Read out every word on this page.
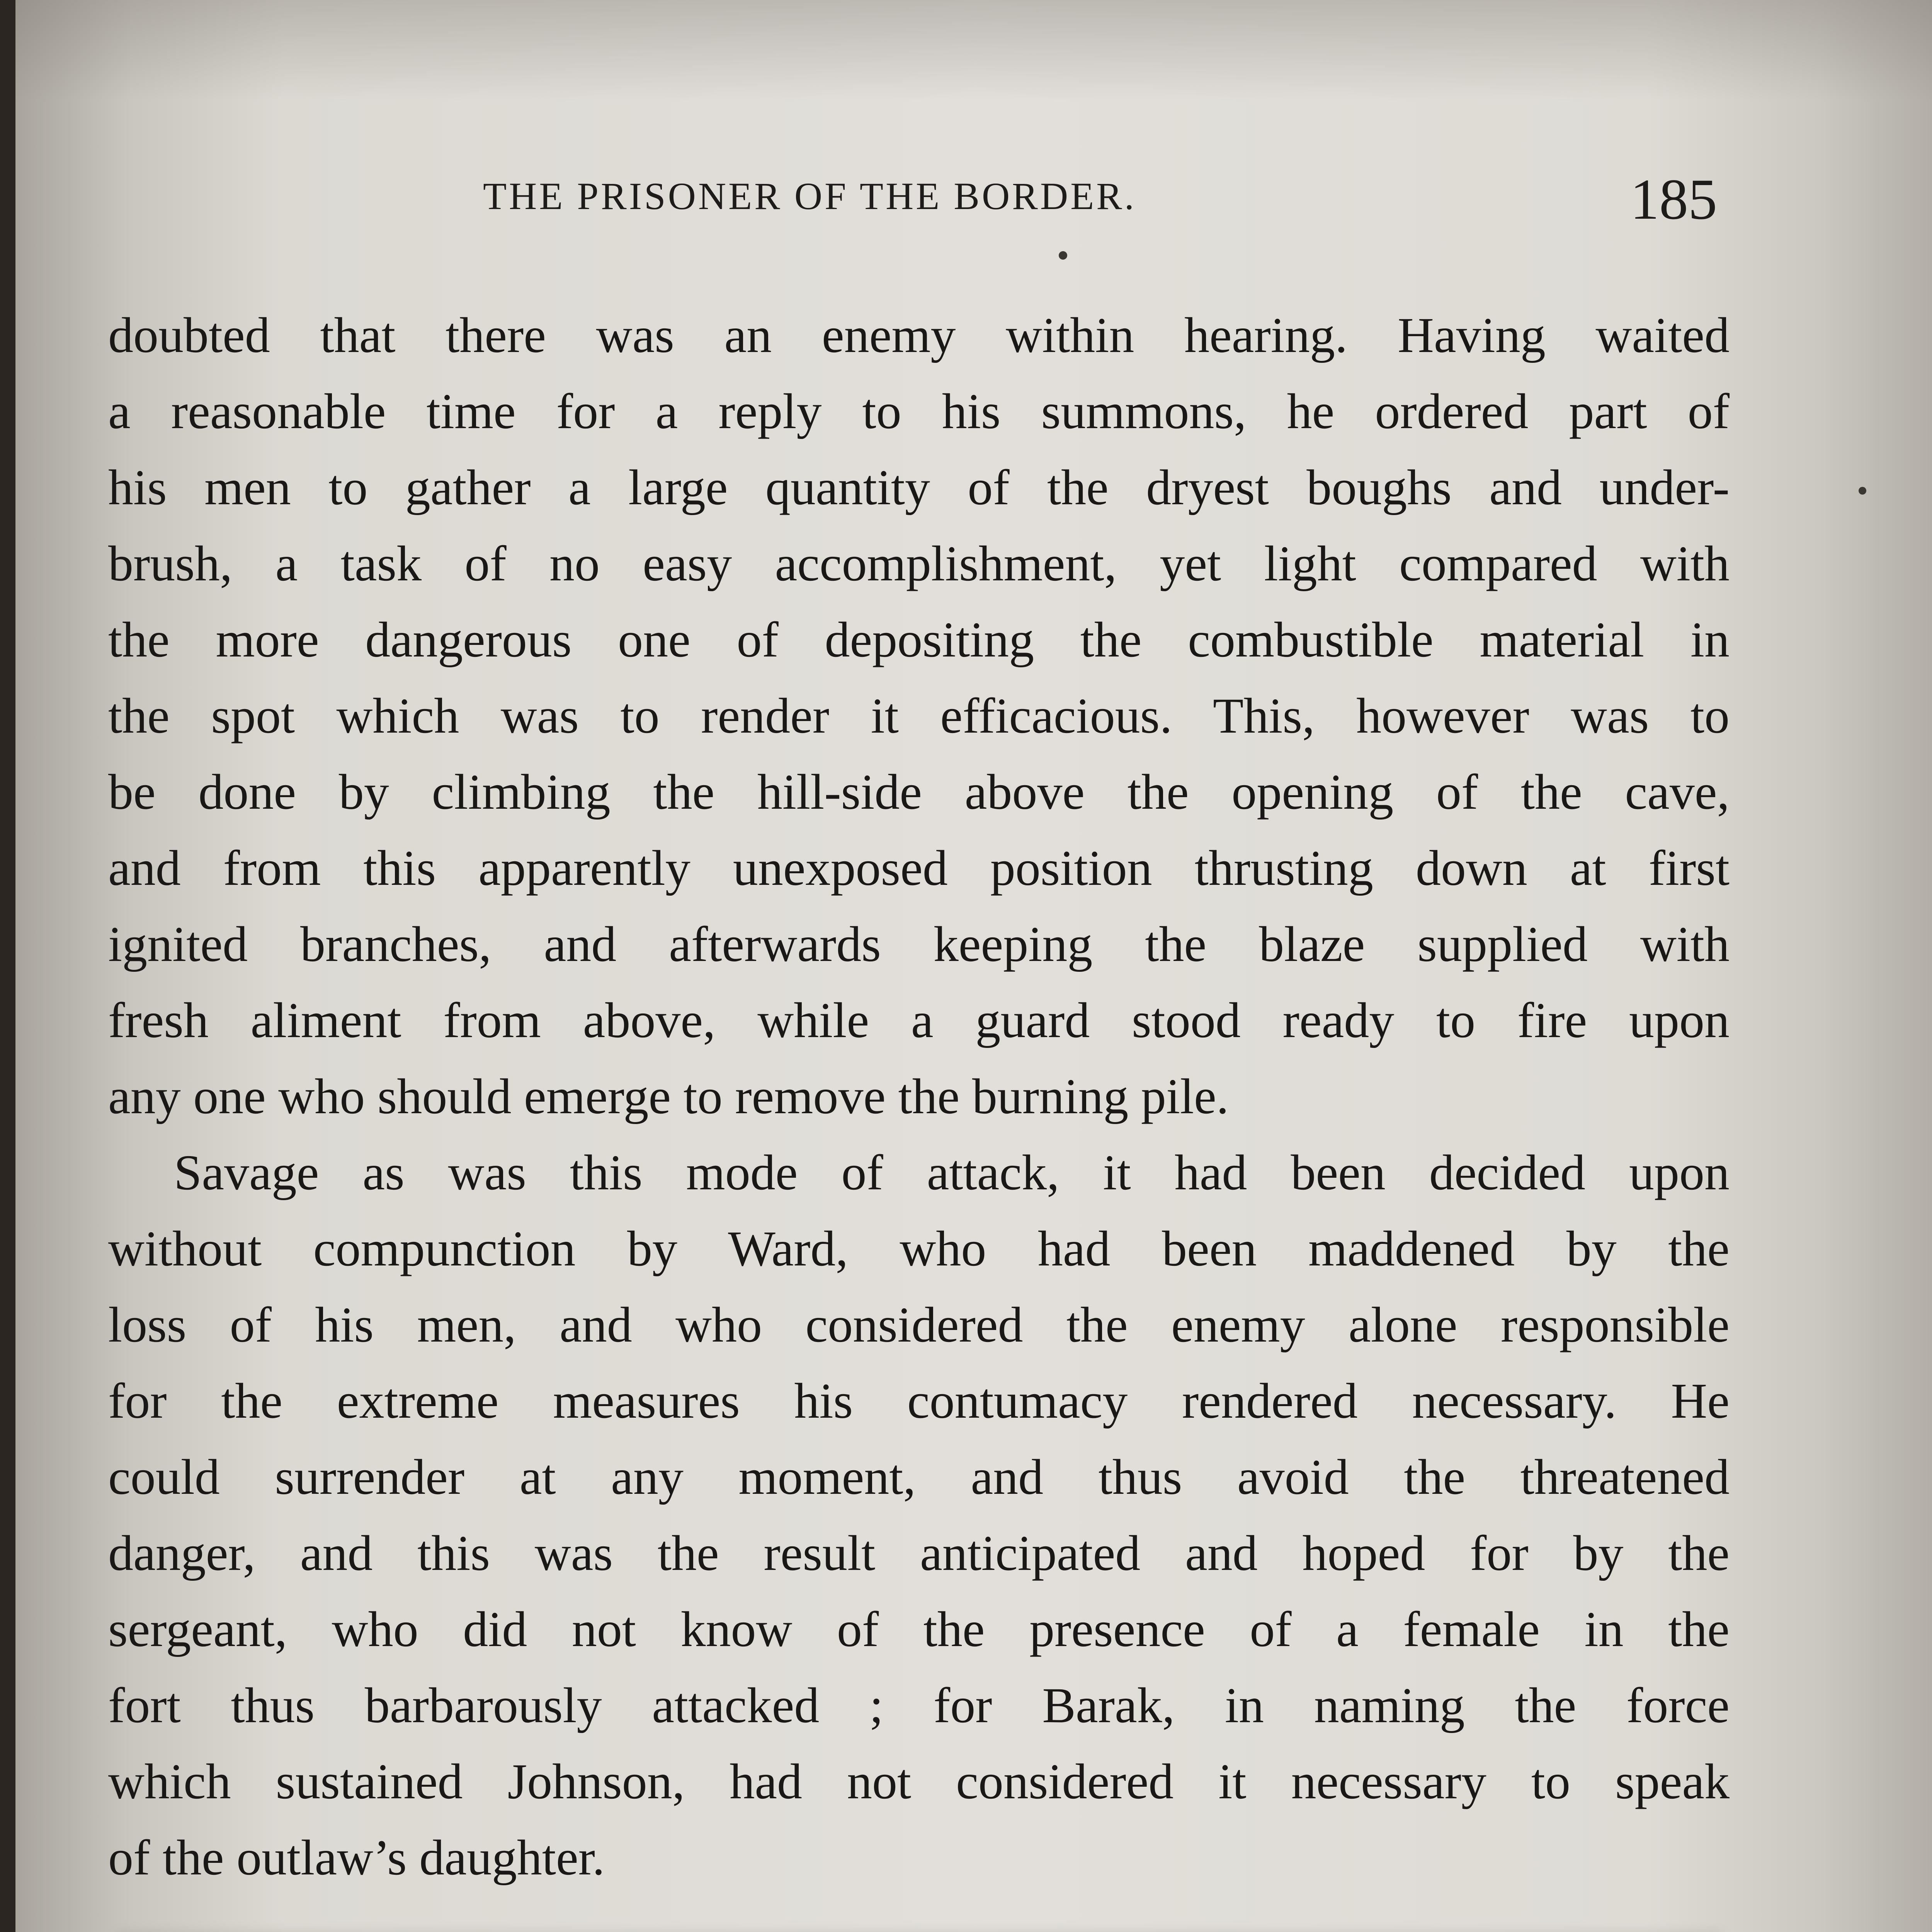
THE PRISONER OF THE BORDER.	185
doubted that there was an enemy within hearing. Having waited
a reasonable time for a reply to his summons, he ordered part of
his men to gather a large quantity of the dryest boughs and under-
brush, a task of no easy accomplishment, yet light compared with
the more dangerous one of depositing the combustible material in
the spot which was to render it efficacious. This, however was to
be done by climbing the hill-side above the opening of the cave,
and from this apparently unexposed position thrusting down at first
ignited branches, and afterwards keeping the blaze supplied with
fresh aliment from above, while a guard stood ready to fire upon
any one who should emerge to remove the burning pile.
Savage as was this mode of attack, it had been decided upon
without compunction by Ward, who had been maddened by the
loss of his men, and who considered the enemy alone responsible
for the extreme measures his contumacy rendered necessary. He
could surrender at any moment, and thus avoid the threatened
danger, and this was the result anticipated and hoped for by the
sergeant, who did not know of the presence of a female in the
fort thus barbarously attacked ; for Barak, in naming the force
which sustained Johnson, had not considered it necessary to speak
of the outlaw’s daughter.
